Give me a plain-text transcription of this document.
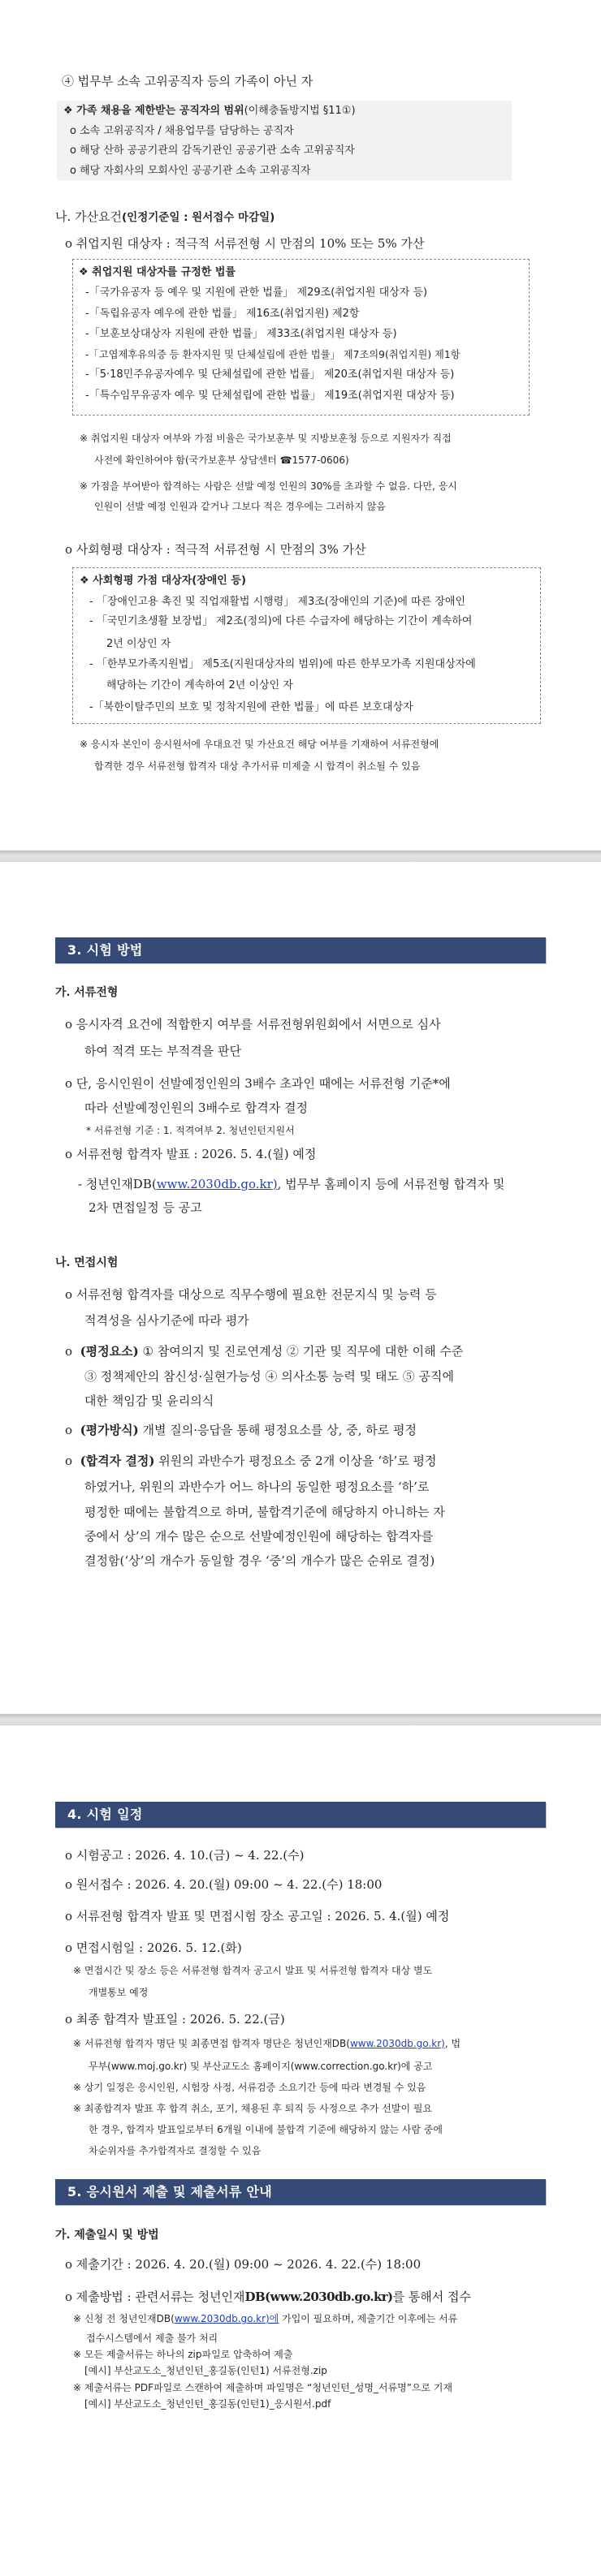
④ 법무부 소속 고위공직자 등의 가족이 아닌 자
❖ 가족 채용을 제한받는 공직자의 범위(이해충돌방지법 §11①)
o 소속 고위공직자 / 채용업무를 담당하는 공직자
o 해당 산하 공공기관의 감독기관인 공공기관 소속 고위공직자
o 해당 자회사의 모회사인 공공기관 소속 고위공직자
나. 가산요건(인정기준일 : 원서접수 마감일)
o 취업지원 대상자 : 적극적 서류전형 시 만점의 10% 또는 5% 가산
❖ 취업지원 대상자를 규정한 법률
-「국가유공자 등 예우 및 지원에 관한 법률」 제29조(취업지원 대상자 등)
-「독립유공자 예우에 관한 법률」 제16조(취업지원) 제2항
-「보훈보상대상자 지원에 관한 법률」 제33조(취업지원 대상자 등)
-「고엽제후유의증 등 환자지원 및 단체설립에 관한 법률」 제7조의9(취업지원) 제1항
-「5·18민주유공자예우 및 단체설립에 관한 법률」 제20조(취업지원 대상자 등)
-「특수임무유공자 예우 및 단체설립에 관한 법률」 제19조(취업지원 대상자 등)
※ 취업지원 대상자 여부와 가점 비율은 국가보훈부 및 지방보훈청 등으로 지원자가 직접
사전에 확인하여야 함(국가보훈부 상담센터 ☎1577-0606)
※ 가점을 부여받아 합격하는 사람은 선발 예정 인원의 30%를 초과할 수 없음. 다만, 응시
인원이 선발 예정 인원과 같거나 그보다 적은 경우에는 그러하지 않음
o 사회형평 대상자 : 적극적 서류전형 시 만점의 3% 가산
❖ 사회형평 가점 대상자(장애인 등)
- 「장애인고용 촉진 및 직업재활법 시행령」 제3조(장애인의 기준)에 따른 장애인
- 「국민기초생활 보장법」 제2조(정의)에 다른 수급자에 해당하는 기간이 계속하여
2년 이상인 자
- 「한부모가족지원법」 제5조(지원대상자의 범위)에 따른 한부모가족 지원대상자에
해당하는 기간이 계속하여 2년 이상인 자
-「북한이탈주민의 보호 및 정착지원에 관한 법률」에 따른 보호대상자
※ 응시자 본인이 응시원서에 우대요건 및 가산요건 해당 여부를 기재하여 서류전형에
합격한 경우 서류전형 합격자 대상 추가서류 미제출 시 합격이 취소될 수 있음
3. 시험 방법
가. 서류전형
o 응시자격 요건에 적합한지 여부를 서류전형위원회에서 서면으로 심사
하여 적격 또는 부적격을 판단
o 단, 응시인원이 선발예정인원의 3배수 초과인 때에는 서류전형 기준*에
따라 선발예정인원의 3배수로 합격자 결정
* 서류전형 기준 : 1. 적격여부 2. 청년인턴지원서
o 서류전형 합격자 발표 : 2026. 5. 4.(월) 예정
- 청년인재DB(www.2030db.go.kr), 법무부 홈페이지 등에 서류전형 합격자 및
2차 면접일정 등 공고
나. 면접시험
o 서류전형 합격자를 대상으로 직무수행에 필요한 전문지식 및 능력 등
적격성을 심사기준에 따라 평가
o  (평정요소) ① 참여의지 및 진로연계성 ② 기관 및 직무에 대한 이해 수준
③ 정책제안의 참신성·실현가능성 ④ 의사소통 능력 및 태도 ⑤ 공직에
대한 책임감 및 윤리의식
o  (평가방식) 개별 질의·응답을 통해 평정요소를 상, 중, 하로 평정
o  (합격자 결정) 위원의 과반수가 평정요소 중 2개 이상을 ‘하’로 평정
하였거나, 위원의 과반수가 어느 하나의 동일한 평정요소를 ‘하’로
평정한 때에는 불합격으로 하며, 불합격기준에 해당하지 아니하는 자
중에서 상’의 개수 많은 순으로 선발예정인원에 해당하는 합격자를
결정함(‘상’의 개수가 동일할 경우 ‘중’의 개수가 많은 순위로 결정)
4. 시험 일정
o 시험공고 : 2026. 4. 10.(금) ~ 4. 22.(수)
o 원서접수 : 2026. 4. 20.(월) 09:00 ~ 4. 22.(수) 18:00
o 서류전형 합격자 발표 및 면접시험 장소 공고일 : 2026. 5. 4.(월) 예정
o 면접시험일 : 2026. 5. 12.(화)
※ 면접시간 및 장소 등은 서류전형 합격자 공고시 발표 및 서류전형 합격자 대상 별도
개별통보 예정
o 최종 합격자 발표일 : 2026. 5. 22.(금)
※ 서류전형 합격자 명단 및 최종면접 합격자 명단은 청년인재DB(www.2030db.go.kr), 법
무부(www.moj.go.kr) 및 부산교도소 홈페이지(www.correction.go.kr)에 공고
※ 상기 일정은 응시인원, 시험장 사정, 서류검증 소요기간 등에 따라 변경될 수 있음
※ 최종합격자 발표 후 합격 취소, 포기, 채용된 후 퇴직 등 사정으로 추가 선발이 필요
한 경우, 합격자 발표일로부터 6개월 이내에 불합격 기준에 해당하지 않는 사람 중에
차순위자를 추가합격자로 결정할 수 있음
5. 응시원서 제출 및 제출서류 안내
가. 제출일시 및 방법
o 제출기간 : 2026. 4. 20.(월) 09:00 ~ 2026. 4. 22.(수) 18:00
o 제출방법 : 관련서류는 청년인재DB(www.2030db.go.kr)를 통해서 접수
※ 신청 전 청년인재DB(www.2030db.go.kr)에 가입이 필요하며, 제출기간 이후에는 서류
접수시스템에서 제출 불가 처리
※ 모든 제출서류는 하나의 zip파일로 압축하여 제출
[예시] 부산교도소_청년인턴_홍길동(인턴1) 서류전형.zip
※ 제출서류는 PDF파일로 스캔하여 제출하며 파일명은 “청년인턴_성명_서류명”으로 기재
[예시] 부산교도소_청년인턴_홍길동(인턴1)_응시원서.pdf
